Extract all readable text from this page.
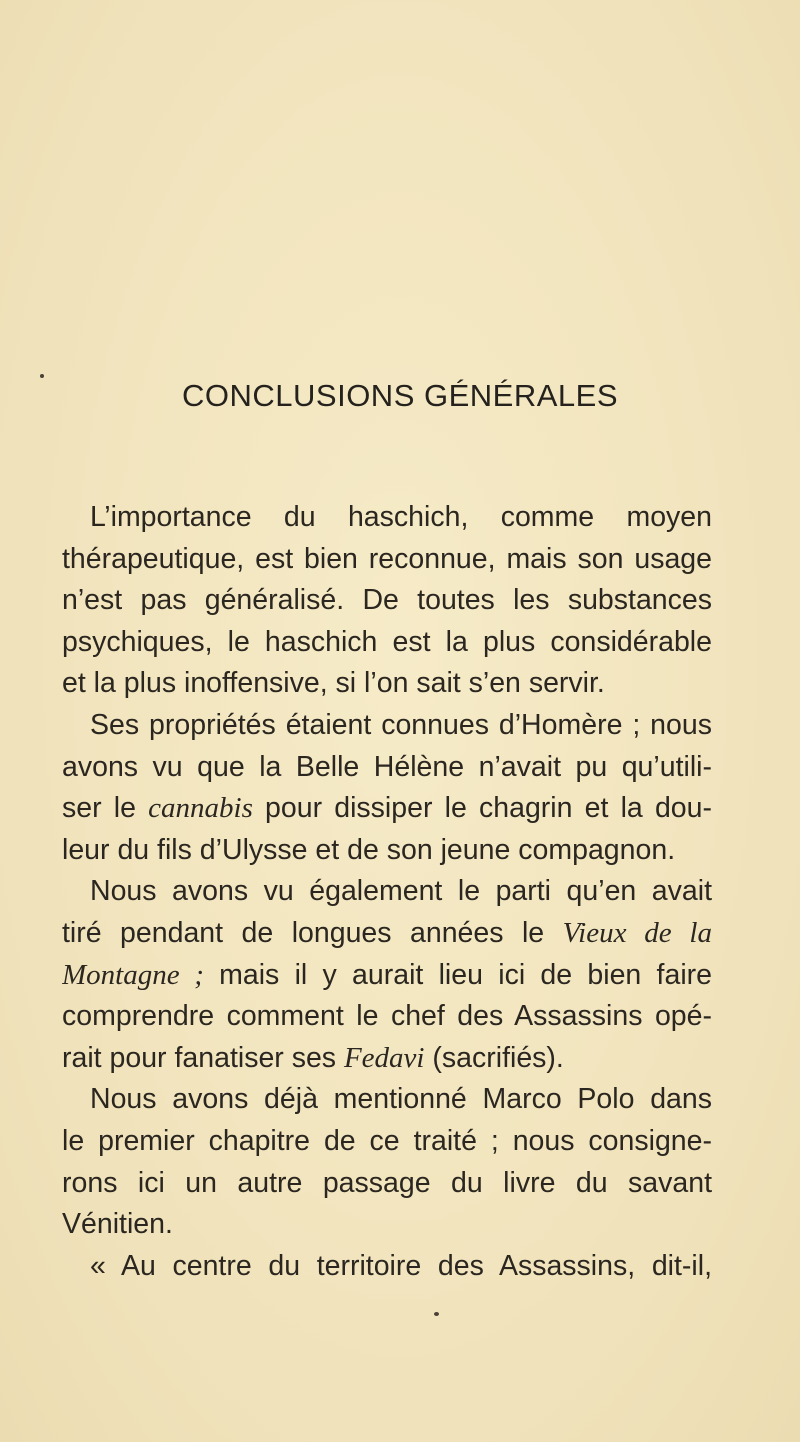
CONCLUSIONS GÉNÉRALES
L’importance du haschich, comme moyen
thérapeutique, est bien reconnue, mais son usage
n’est pas généralisé. De toutes les substances
psychiques, le haschich est la plus considérable
et la plus inoffensive, si l’on sait s’en servir.
Ses propriétés étaient connues d’Homère ; nous
avons vu que la Belle Hélène n’avait pu qu’utili-
ser le cannabis pour dissiper le chagrin et la dou-
leur du fils d’Ulysse et de son jeune compagnon.
Nous avons vu également le parti qu’en avait
tiré pendant de longues années le Vieux de la
Montagne ; mais il y aurait lieu ici de bien faire
comprendre comment le chef des Assassins opé-
rait pour fanatiser ses Fedavi (sacrifiés).
Nous avons déjà mentionné Marco Polo dans
le premier chapitre de ce traité ; nous consigne-
rons ici un autre passage du livre du savant
Vénitien.
« Au centre du territoire des Assassins, dit-il,
